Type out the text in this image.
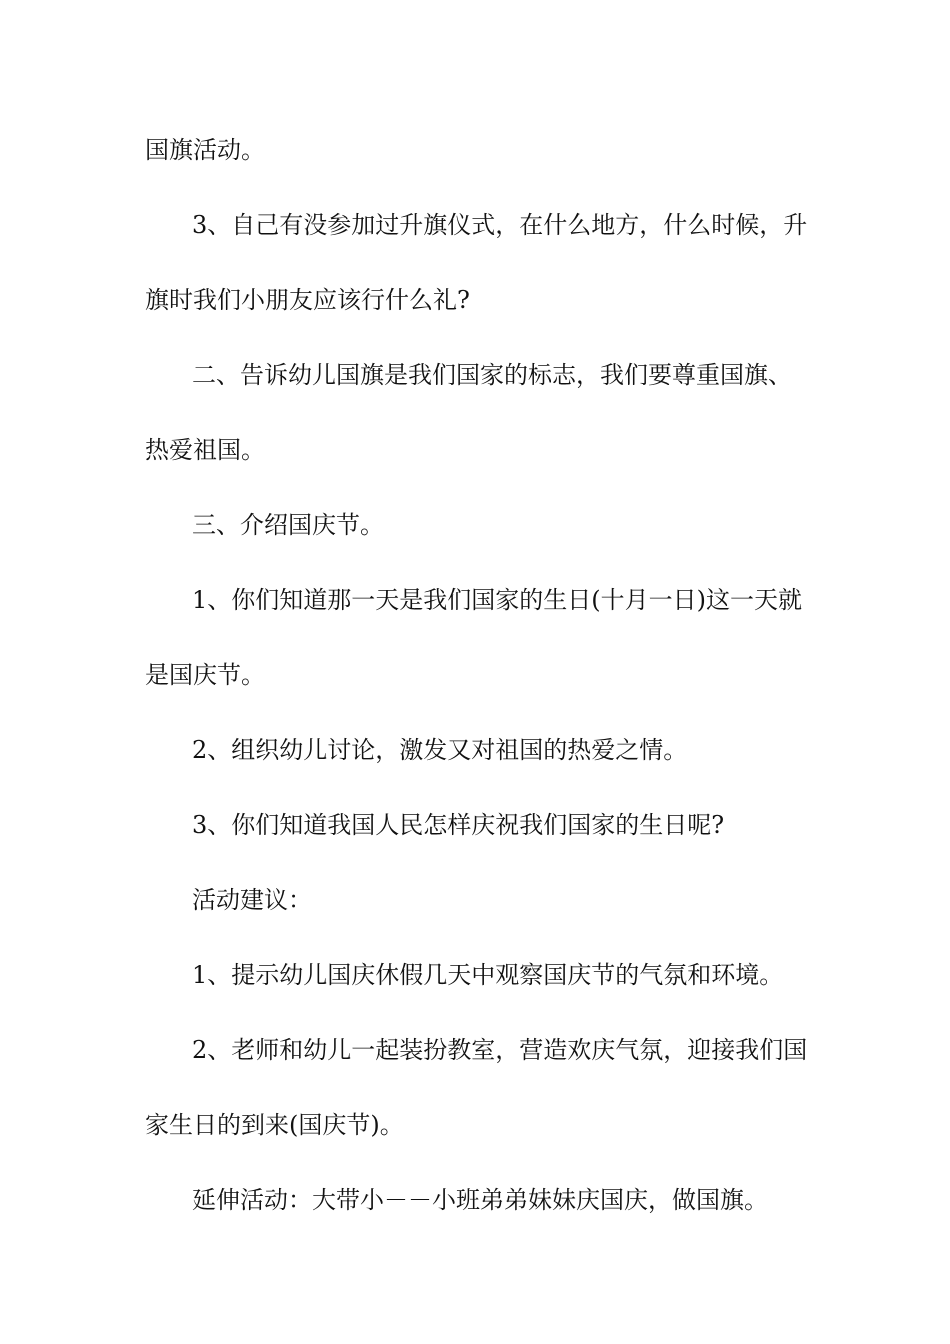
国旗活动。
3、自己有没参加过升旗仪式，在什么地方，什么时候，升
旗时我们小朋友应该行什么礼?
二、告诉幼儿国旗是我们国家的标志，我们要尊重国旗、
热爱祖国。
三、介绍国庆节。
1、你们知道那一天是我们国家的生日(十月一日)这一天就
是国庆节。
2、组织幼儿讨论，激发又对祖国的热爱之情。
3、你们知道我国人民怎样庆祝我们国家的生日呢?
活动建议：
1、提示幼儿国庆休假几天中观察国庆节的气氛和环境。
2、老师和幼儿一起装扮教室，营造欢庆气氛，迎接我们国
家生日的到来(国庆节)。
延伸活动：大带小－－小班弟弟妹妹庆国庆，做国旗。
